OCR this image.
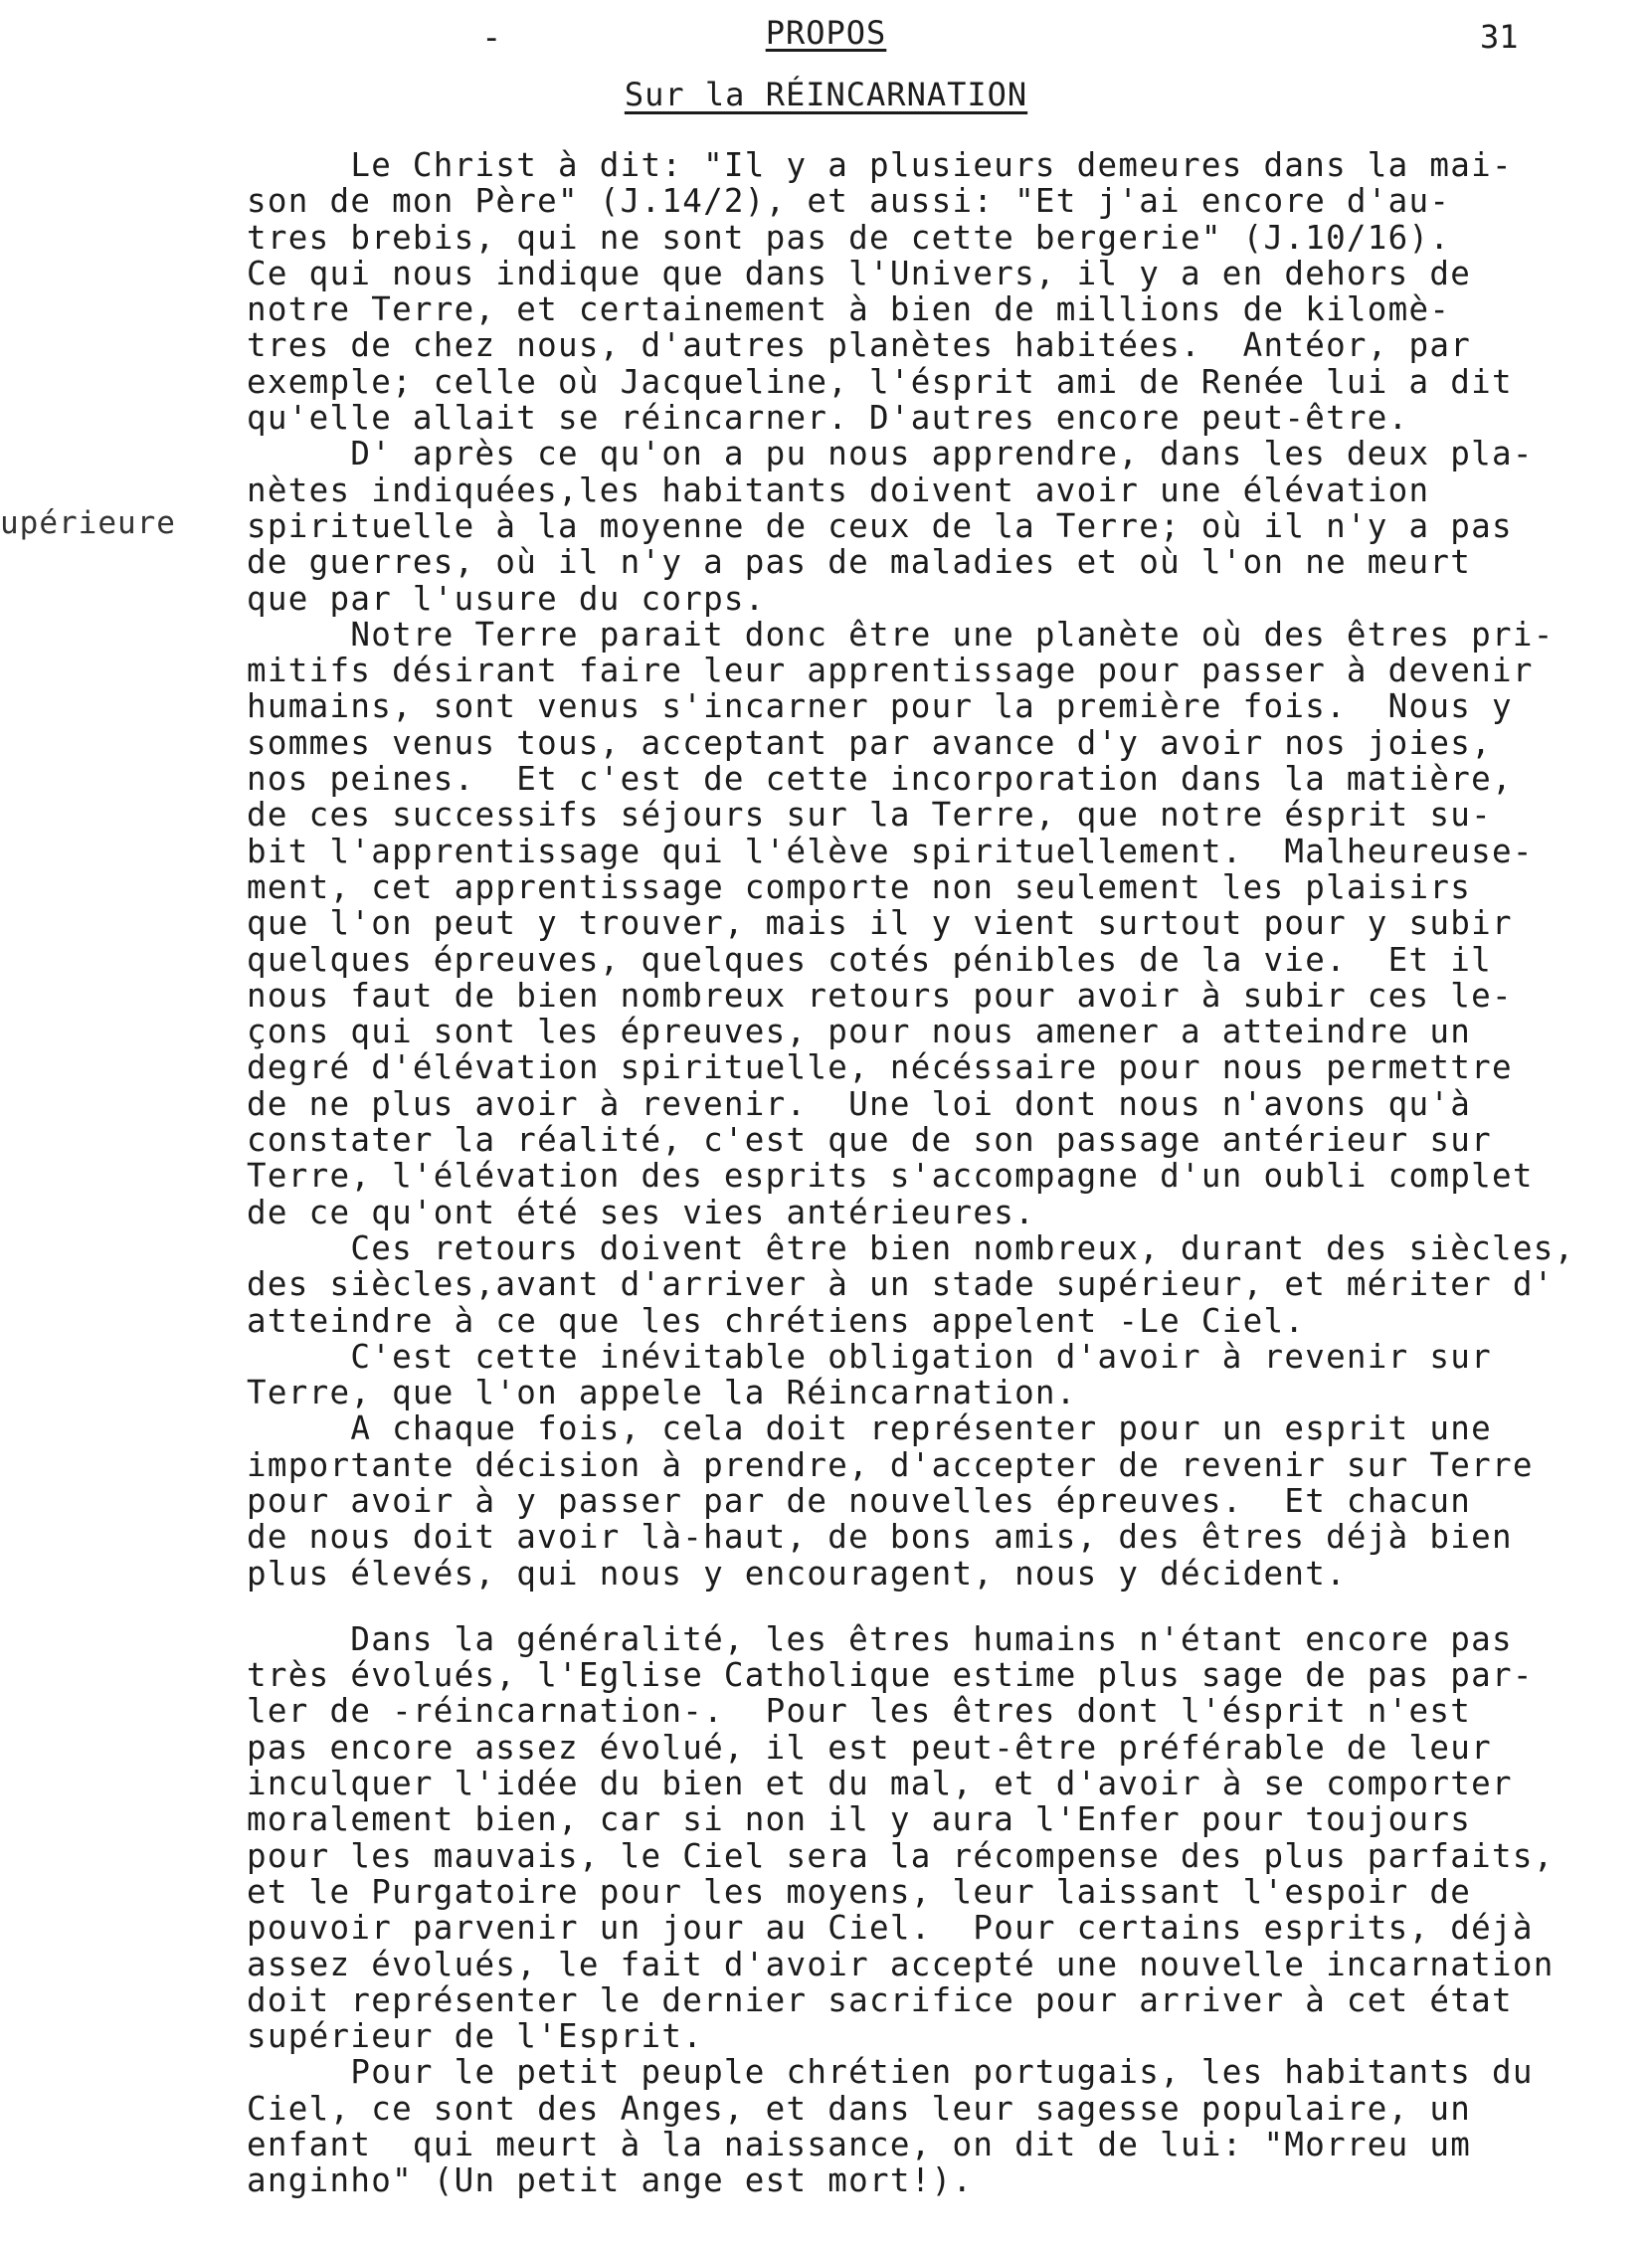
-	PROPOS	31
Sur la RÉINCARNATION
upérieure
Le Christ à dit: "Il y a plusieurs demeures dans la mai-
son de mon Père" (J.14/2), et aussi: "Et j'ai encore d'au-
tres brebis, qui ne sont pas de cette bergerie" (J.10/16).
Ce qui nous indique que dans l'Univers, il y a en dehors de
notre Terre, et certainement à bien de millions de kilomè-
tres de chez nous, d'autres planètes habitées.  Antéor, par
exemple; celle où Jacqueline, l'ésprit ami de Renée lui a dit
qu'elle allait se réincarner. D'autres encore peut-être.
D' après ce qu'on a pu nous apprendre, dans les deux pla-
nètes indiquées,les habitants doivent avoir une élévation
spirituelle à la moyenne de ceux de la Terre; où il n'y a pas
de guerres, où il n'y a pas de maladies et où l'on ne meurt
que par l'usure du corps.
Notre Terre parait donc être une planète où des êtres pri-
mitifs désirant faire leur apprentissage pour passer à devenir
humains, sont venus s'incarner pour la première fois.  Nous y
sommes venus tous, acceptant par avance d'y avoir nos joies,
nos peines.  Et c'est de cette incorporation dans la matière,
de ces successifs séjours sur la Terre, que notre ésprit su-
bit l'apprentissage qui l'élève spirituellement.  Malheureuse-
ment, cet apprentissage comporte non seulement les plaisirs
que l'on peut y trouver, mais il y vient surtout pour y subir
quelques épreuves, quelques cotés pénibles de la vie.  Et il
nous faut de bien nombreux retours pour avoir à subir ces le-
çons qui sont les épreuves, pour nous amener a atteindre un
degré d'élévation spirituelle, nécéssaire pour nous permettre
de ne plus avoir à revenir.  Une loi dont nous n'avons qu'à
constater la réalité, c'est que de son passage antérieur sur
Terre, l'élévation des esprits s'accompagne d'un oubli complet
de ce qu'ont été ses vies antérieures.
Ces retours doivent être bien nombreux, durant des siècles,
des siècles,avant d'arriver à un stade supérieur, et mériter d'
atteindre à ce que les chrétiens appelent -Le Ciel.
C'est cette inévitable obligation d'avoir à revenir sur
Terre, que l'on appele la Réincarnation.
A chaque fois, cela doit représenter pour un esprit une
importante décision à prendre, d'accepter de revenir sur Terre
pour avoir à y passer par de nouvelles épreuves.  Et chacun
de nous doit avoir là-haut, de bons amis, des êtres déjà bien
plus élevés, qui nous y encouragent, nous y décident.
Dans la généralité, les êtres humains n'étant encore pas
très évolués, l'Eglise Catholique estime plus sage de pas par-
ler de -réincarnation-.  Pour les êtres dont l'ésprit n'est
pas encore assez évolué, il est peut-être préférable de leur
inculquer l'idée du bien et du mal, et d'avoir à se comporter
moralement bien, car si non il y aura l'Enfer pour toujours
pour les mauvais, le Ciel sera la récompense des plus parfaits,
et le Purgatoire pour les moyens, leur laissant l'espoir de
pouvoir parvenir un jour au Ciel.  Pour certains esprits, déjà
assez évolués, le fait d'avoir accepté une nouvelle incarnation
doit représenter le dernier sacrifice pour arriver à cet état
supérieur de l'Esprit.
Pour le petit peuple chrétien portugais, les habitants du
Ciel, ce sont des Anges, et dans leur sagesse populaire, un
enfant  qui meurt à la naissance, on dit de lui: "Morreu um
anginho" (Un petit ange est mort!).
